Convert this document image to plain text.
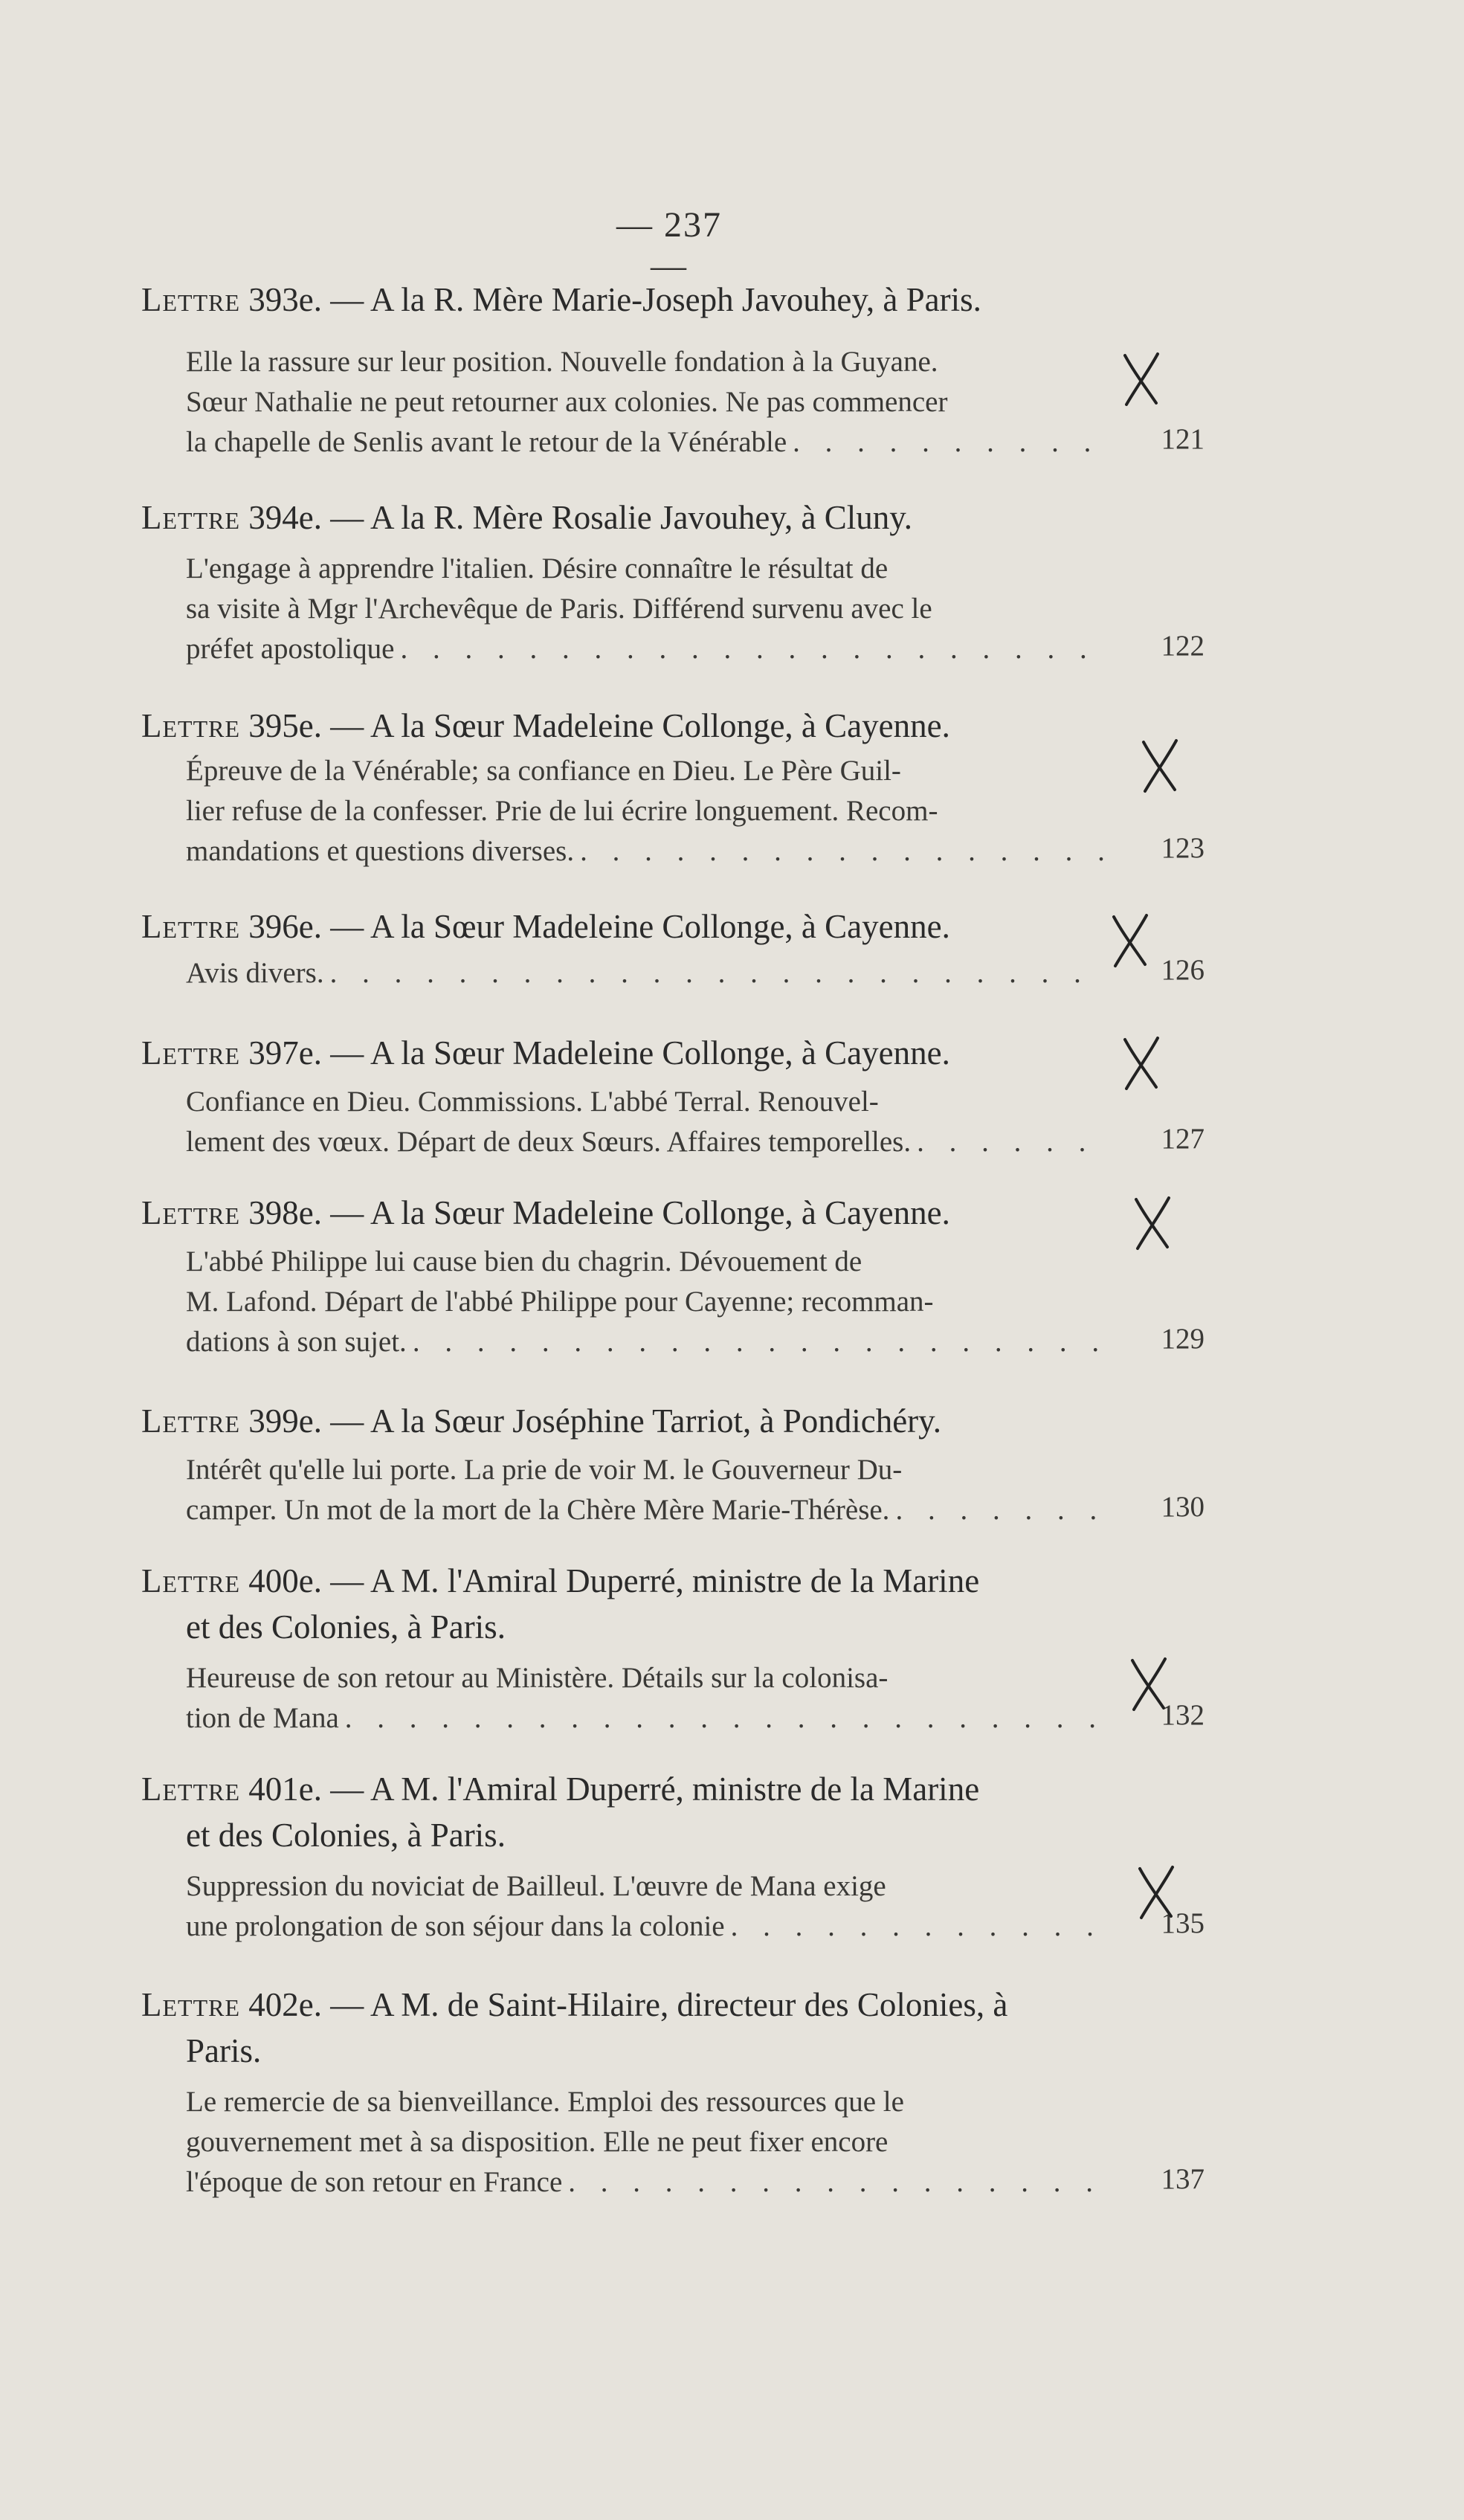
— 237 —
Lettre 393e. — A la R. Mère Marie-Joseph Javouhey, à Paris.
Elle la rassure sur leur position. Nouvelle fondation à la Guyane.
Sœur Nathalie ne peut retourner aux colonies. Ne pas commencer
la chapelle de Senlis avant le retour de la Vénérable . . .	121
Lettre 394e. — A la R. Mère Rosalie Javouhey, à Cluny.
L'engage à apprendre l'italien. Désire connaître le résultat de
sa visite à Mgr l'Archevêque de Paris. Différend survenu avec le
préfet apostolique . . .	122
Lettre 395e. — A la Sœur Madeleine Collonge, à Cayenne.
Épreuve de la Vénérable; sa confiance en Dieu. Le Père Guil-
lier refuse de la confesser. Prie de lui écrire longuement. Recom-
mandations et questions diverses. . . .	123
Lettre 396e. — A la Sœur Madeleine Collonge, à Cayenne.
Avis divers. . . .	126
Lettre 397e. — A la Sœur Madeleine Collonge, à Cayenne.
Confiance en Dieu. Commissions. L'abbé Terral. Renouvel-
lement des vœux. Départ de deux Sœurs. Affaires temporelles. . . .	127
Lettre 398e. — A la Sœur Madeleine Collonge, à Cayenne.
L'abbé Philippe lui cause bien du chagrin. Dévouement de
M. Lafond. Départ de l'abbé Philippe pour Cayenne; recomman-
dations à son sujet. . . .	129
Lettre 399e. — A la Sœur Joséphine Tarriot, à Pondichéry.
Intérêt qu'elle lui porte. La prie de voir M. le Gouverneur Du-
camper. Un mot de la mort de la Chère Mère Marie-Thérèse. . . .	130
Lettre 400e. — A M. l'Amiral Duperré, ministre de la Marine
et des Colonies, à Paris.
Heureuse de son retour au Ministère. Détails sur la colonisa-
tion de Mana . . .	132
Lettre 401e. — A M. l'Amiral Duperré, ministre de la Marine
et des Colonies, à Paris.
Suppression du noviciat de Bailleul. L'œuvre de Mana exige
une prolongation de son séjour dans la colonie . . .	135
Lettre 402e. — A M. de Saint-Hilaire, directeur des Colonies, à
Paris.
Le remercie de sa bienveillance. Emploi des ressources que le
gouvernement met à sa disposition. Elle ne peut fixer encore
l'époque de son retour en France . . .	137
